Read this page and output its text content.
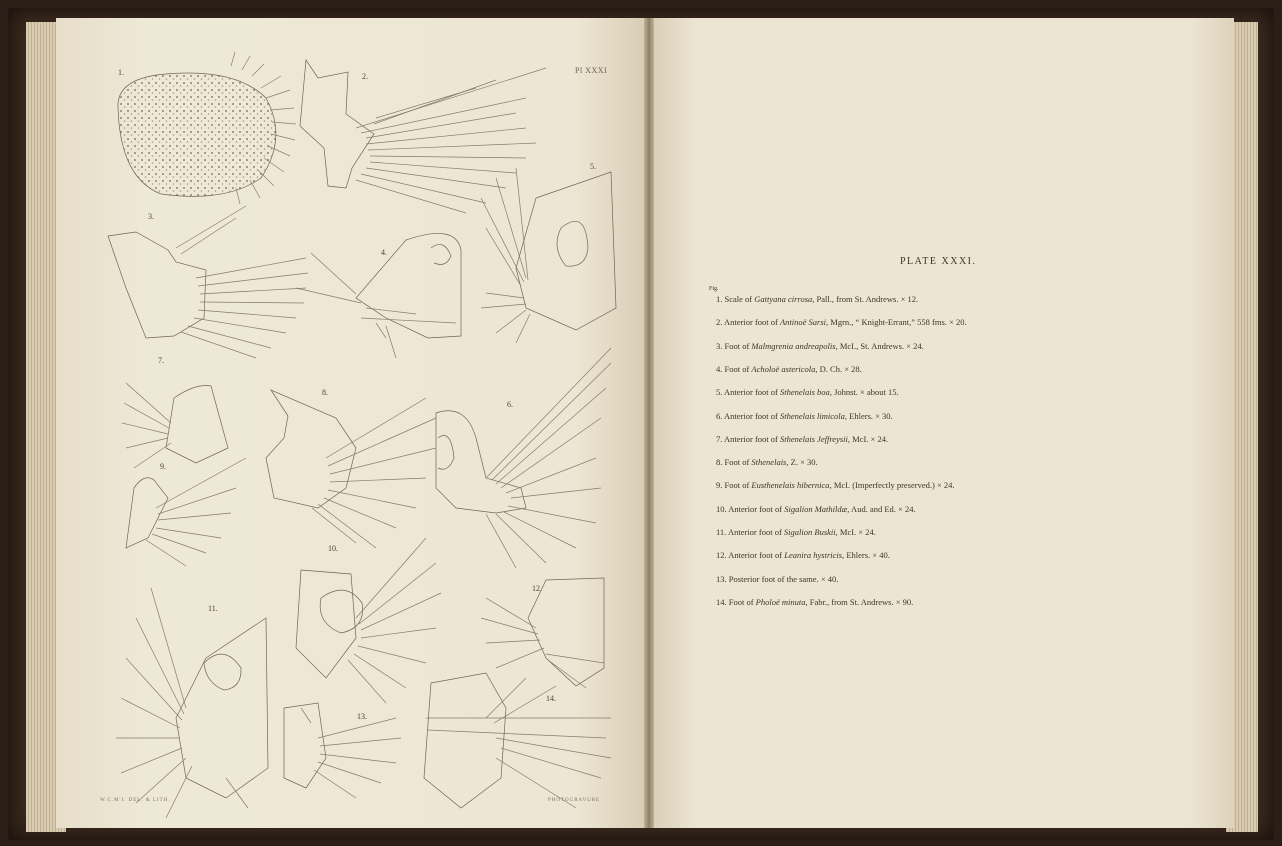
Pl XXXI
1.	2.
3.
4.
5.
6.
7.
8.
9.
10.
11.
12.
13.
14.
W.C.M'I. DEL. & LITH.	PHOTOGRAVURE
PLATE XXXI.
Fig.
1. Scale of Gattyana cirrosa, Pall., from St. Andrews. × 12.
2. Anterior foot of Antinoë Sarsi, Mgrn., “ Knight-Errant,” 558 fms. × 20.
3. Foot of Malmgrenia andreapolis, McI., St. Andrews. × 24.
4. Foot of Acholoë astericola, D. Ch. × 28.
5. Anterior foot of Sthenelais boa, Johnst. × about 15.
6. Anterior foot of Sthenelais limicola, Ehlers. × 30.
7. Anterior foot of Sthenelais Jeffreysii, McI. × 24.
8. Foot of Sthenelais, Z. × 30.
9. Foot of Eusthenelais hibernica, McI. (Imperfectly preserved.) × 24.
10. Anterior foot of Sigalion Mathildæ, Aud. and Ed. × 24.
11. Anterior foot of Sigalion Buskii, McI. × 24.
12. Anterior foot of Leanira hystricis, Ehlers. × 40.
13. Posterior foot of the same. × 40.
14. Foot of Pholoë minuta, Fabr., from St. Andrews. × 90.
